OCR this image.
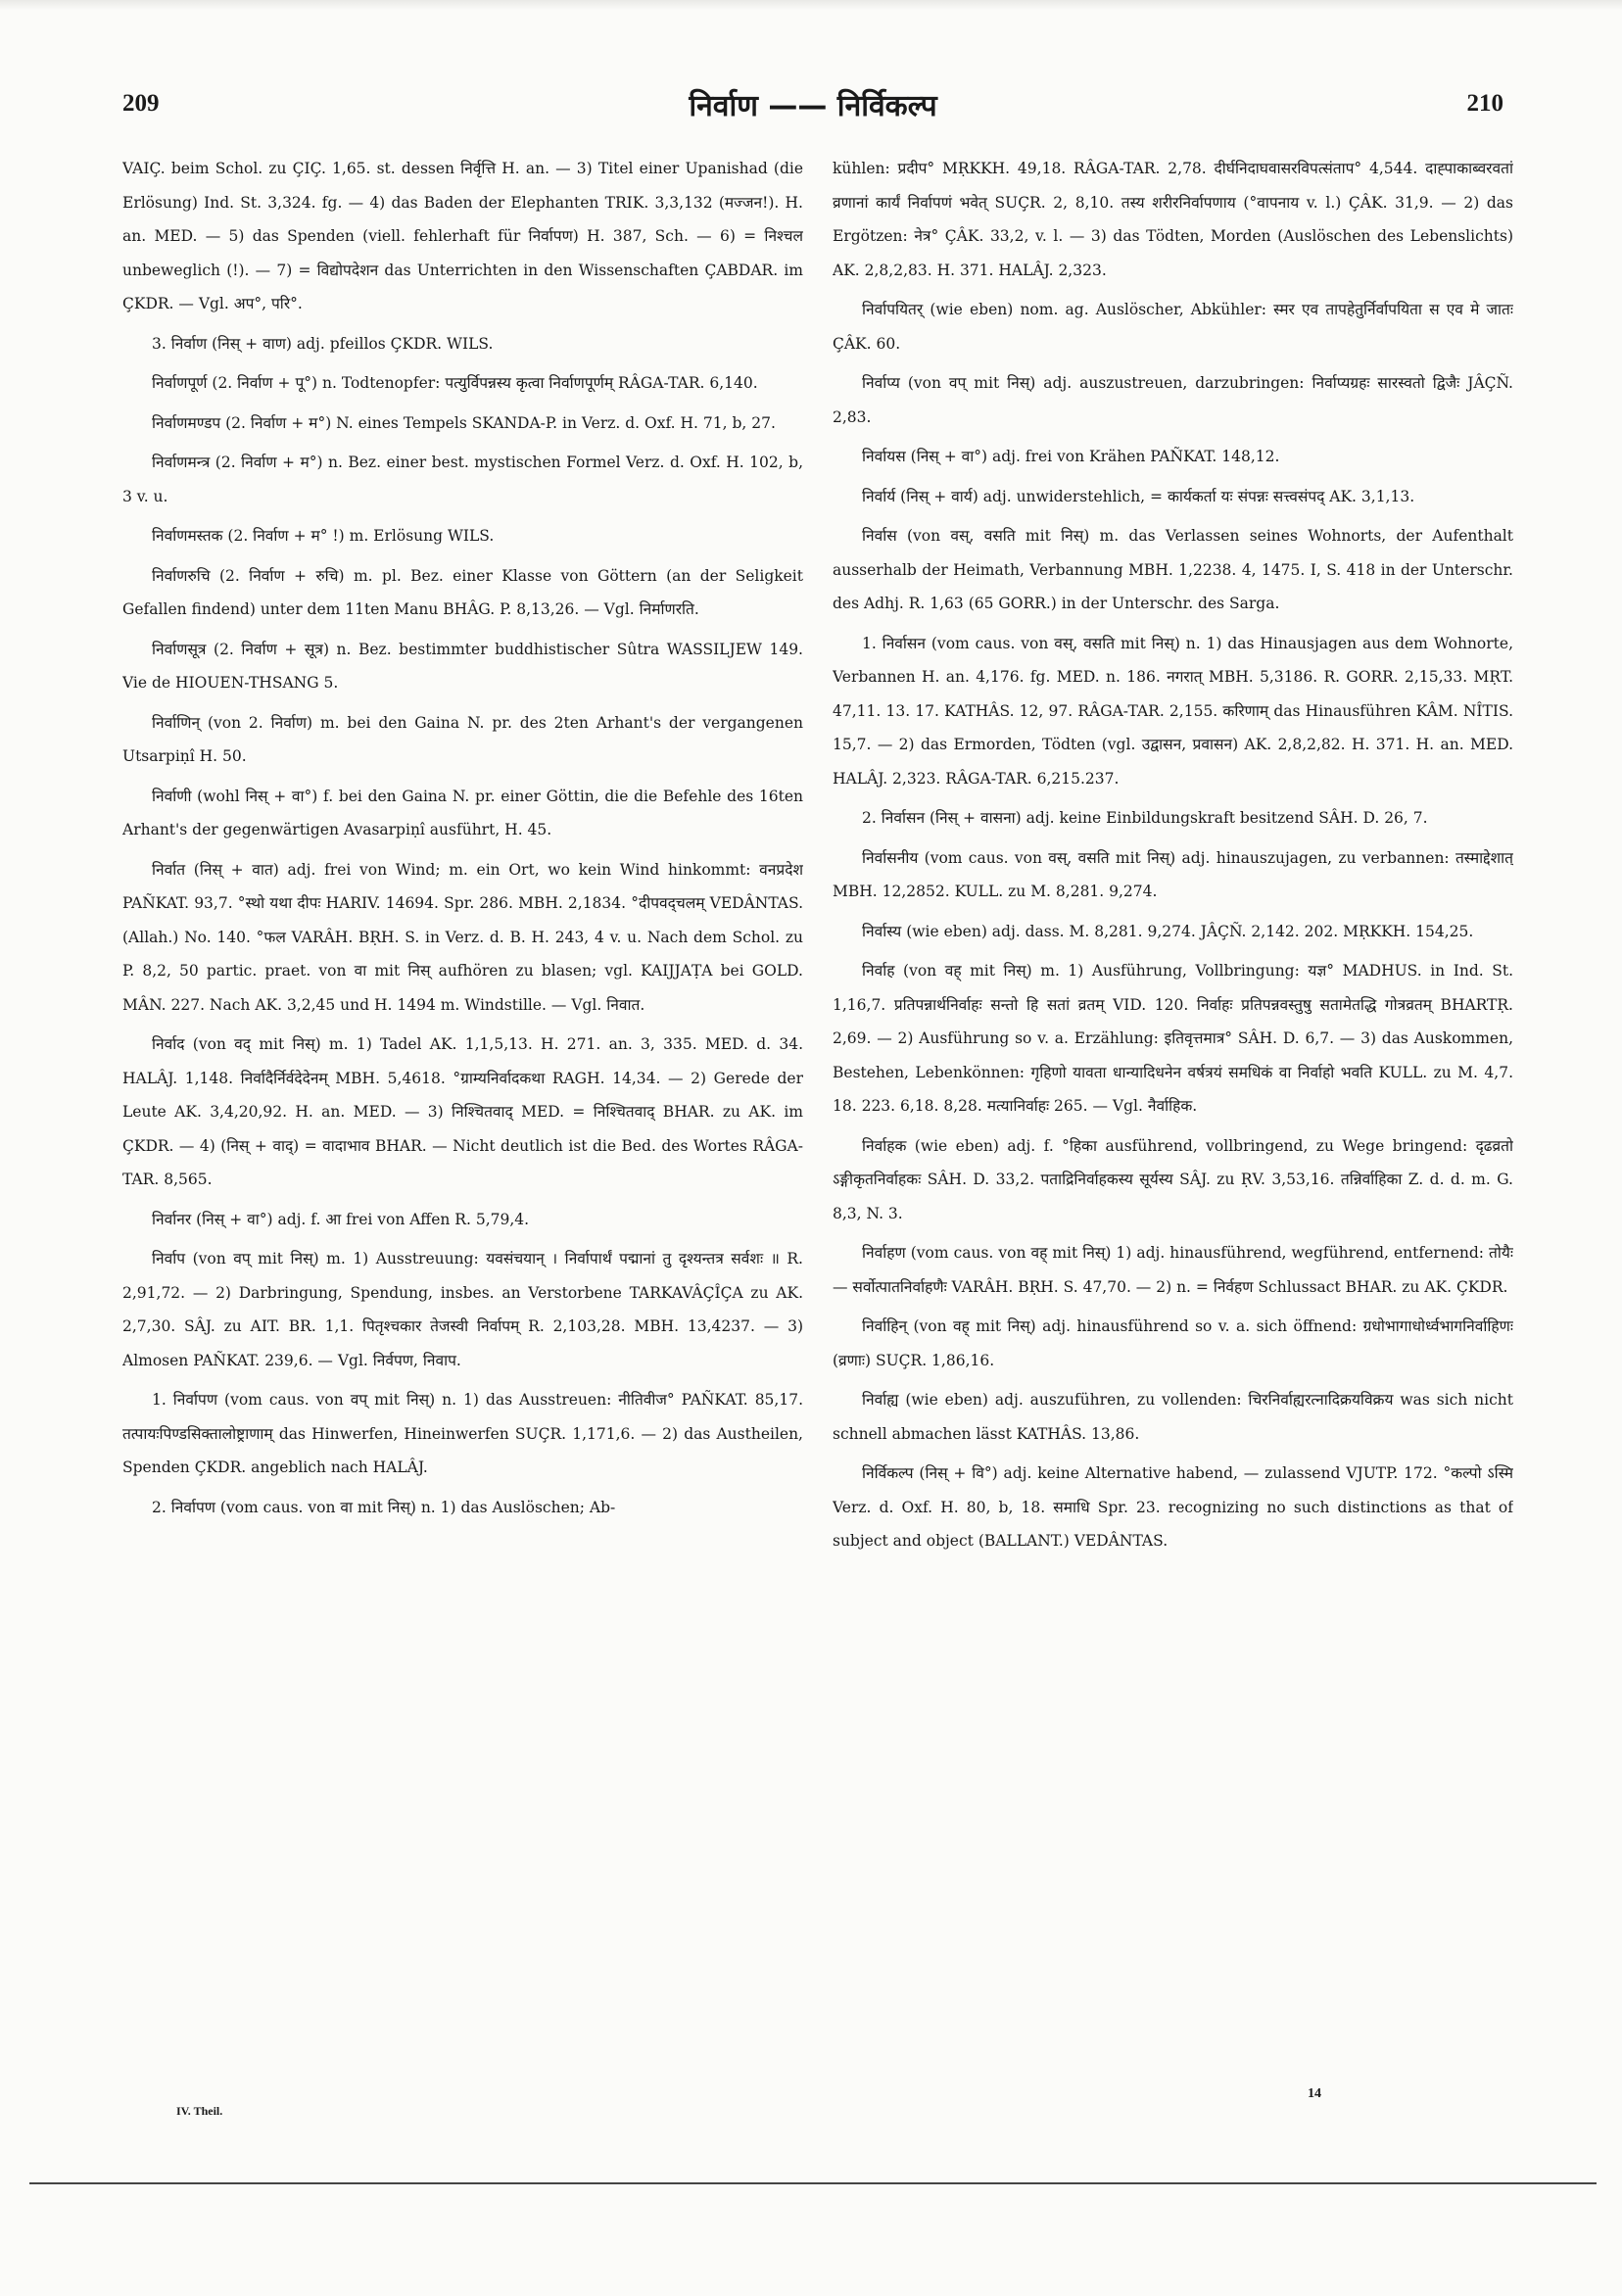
209	निर्वाण —— निर्विकल्प	210

VAIÇ. beim Schol. zu ÇIÇ. 1,65. st. dessen निर्वृत्ति H. an. — 3) Titel einer Upanishad (die Erlösung) Ind. St. 3,324. fg. — 4) das Baden der Elephanten TRIK. 3,3,132 (मज्जन!). H. an. MED. — 5) das Spenden (viell. fehlerhaft für निर्वापण) H. 387, Sch. — 6) = निश्चल unbeweglich (!). — 7) = विद्योपदेशन das Unterrichten in den Wissenschaften ÇABDAR. im ÇKDR. — Vgl. अप°, परि°.

3. निर्वाण (निस् + वाण) adj. pfeillos ÇKDR. WILS.

निर्वाणपूर्ण (2. निर्वाण + पू°) n. Todtenopfer: पत्युर्विपन्नस्य कृत्वा निर्वाणपूर्णम् RÂGA-TAR. 6,140.

निर्वाणमण्डप (2. निर्वाण + म°) N. eines Tempels SKANDA-P. in Verz. d. Oxf. H. 71, b, 27.

निर्वाणमन्त्र (2. निर्वाण + म°) n. Bez. einer best. mystischen Formel Verz. d. Oxf. H. 102, b, 3 v. u.

निर्वाणमस्तक (2. निर्वाण + म° !) m. Erlösung WILS.

निर्वाणरुचि (2. निर्वाण + रुचि) m. pl. Bez. einer Klasse von Göttern (an der Seligkeit Gefallen findend) unter dem 11ten Manu BHÂG. P. 8,13,26. — Vgl. निर्माणरति.

निर्वाणसूत्र (2. निर्वाण + सूत्र) n. Bez. bestimmter buddhistischer Sûtra WASSILJEW 149. Vie de HIOUEN-THSANG 5.

निर्वाणिन् (von 2. निर्वाण) m. bei den Gaina N. pr. des 2ten Arhant's der vergangenen Utsarpiṇî H. 50.

निर्वाणी (wohl निस् + वा°) f. bei den Gaina N. pr. einer Göttin, die die Befehle des 16ten Arhant's der gegenwärtigen Avasarpiṇî ausführt, H. 45.

निर्वात (निस् + वात) adj. frei von Wind; m. ein Ort, wo kein Wind hinkommt: वनप्रदेश PAÑKAT. 93,7. °स्थो यथा दीपः HARIV. 14694. Spr. 286. MBH. 2,1834. °दीपवद्चलम् VEDÂNTAS. (Allah.) No. 140. °फल VARÂH. BṚH. S. in Verz. d. B. H. 243, 4 v. u. Nach dem Schol. zu P. 8,2, 50 partic. praet. von वा mit निस् aufhören zu blasen; vgl. KAIJJAṬA bei GOLD. MÂN. 227. Nach AK. 3,2,45 und H. 1494 m. Windstille. — Vgl. निवात.

निर्वाद (von वद् mit निस्) m. 1) Tadel AK. 1,1,5,13. H. 271. an. 3, 335. MED. d. 34. HALÂJ. 1,148. निर्वादैर्निर्वदेदेनम् MBH. 5,4618. °ग्राम्यनिर्वादकथा RAGH. 14,34. — 2) Gerede der Leute AK. 3,4,20,92. H. an. MED. — 3) निश्चितवाद् MED. = निश्चितवाद् BHAR. zu AK. im ÇKDR. — 4) (निस् + वाद्) = वादाभाव BHAR. — Nicht deutlich ist die Bed. des Wortes RÂGA-TAR. 8,565.

निर्वानर (निस् + वा°) adj. f. आ frei von Affen R. 5,79,4.

निर्वाप (von वप् mit निस्) m. 1) Ausstreuung: यवसंचयान् । निर्वापार्थं पद्मानां तु दृश्यन्तत्र सर्वशः ॥ R. 2,91,72. — 2) Darbringung, Spendung, insbes. an Verstorbene TARKAVÂÇÎÇA zu AK. 2,7,30. SÂJ. zu AIT. BR. 1,1. पितृश्चकार तेजस्वी निर्वापम् R. 2,103,28. MBH. 13,4237. — 3) Almosen PAÑKAT. 239,6. — Vgl. निर्वपण, निवाप.

1. निर्वापण (vom caus. von वप् mit निस्) n. 1) das Ausstreuen: नीतिवीज° PAÑKAT. 85,17. तत्पायःपिण्डसिक्तालोष्ट्राणाम् das Hinwerfen, Hineinwerfen SUÇR. 1,171,6. — 2) das Austheilen, Spenden ÇKDR. angeblich nach HALÂJ.

2. निर्वापण (vom caus. von वा mit निस्) n. 1) das Auslöschen; Ab-

kühlen: प्रदीप° MṚKKH. 49,18. RÂGA-TAR. 2,78. दीर्घनिदाघवासरविपत्संताप° 4,544. दाह्पाकाब्वरवतां व्रणानां कार्यं निर्वापणं भवेत् SUÇR. 2, 8,10. तस्य शरीरनिर्वापणाय (°वापनाय v. l.) ÇÂK. 31,9. — 2) das Ergötzen: नेत्र° ÇÂK. 33,2, v. l. — 3) das Tödten, Morden (Auslöschen des Lebenslichts) AK. 2,8,2,83. H. 371. HALÂJ. 2,323.

निर्वापयितर् (wie eben) nom. ag. Auslöscher, Abkühler: स्मर एव तापहेतुर्निर्वापयिता स एव मे जातः ÇÂK. 60.

निर्वाप्य (von वप् mit निस्) adj. auszustreuen, darzubringen: निर्वाप्यग्रहः सारस्वतो द्विजैः JÂÇÑ. 2,83.

निर्वायस (निस् + वा°) adj. frei von Krähen PAÑKAT. 148,12.

निर्वार्य (निस् + वार्य) adj. unwiderstehlich, = कार्यकर्ता यः संपन्नः सत्त्वसंपद् AK. 3,1,13.

निर्वास (von वस्, वसति mit निस्) m. das Verlassen seines Wohnorts, der Aufenthalt ausserhalb der Heimath, Verbannung MBH. 1,2238. 4, 1475. I, S. 418 in der Unterschr. des Adhj. R. 1,63 (65 GORR.) in der Unterschr. des Sarga.

1. निर्वासन (vom caus. von वस्, वसति mit निस्) n. 1) das Hinausjagen aus dem Wohnorte, Verbannen H. an. 4,176. fg. MED. n. 186. नगरात् MBH. 5,3186. R. GORR. 2,15,33. MṚT. 47,11. 13. 17. KATHÂS. 12, 97. RÂGA-TAR. 2,155. करिणाम् das Hinausführen KÂM. NÎTIS. 15,7. — 2) das Ermorden, Tödten (vgl. उद्वासन, प्रवासन) AK. 2,8,2,82. H. 371. H. an. MED. HALÂJ. 2,323. RÂGA-TAR. 6,215.237.

2. निर्वासन (निस् + वासना) adj. keine Einbildungskraft besitzend SÂH. D. 26, 7.

निर्वासनीय (vom caus. von वस्, वसति mit निस्) adj. hinauszujagen, zu verbannen: तस्माद्देशात् MBH. 12,2852. KULL. zu M. 8,281. 9,274.

निर्वास्य (wie eben) adj. dass. M. 8,281. 9,274. JÂÇÑ. 2,142. 202. MṚKKH. 154,25.

निर्वाह (von वह् mit निस्) m. 1) Ausführung, Vollbringung: यज्ञ° MADHUS. in Ind. St. 1,16,7. प्रतिपन्नार्थनिर्वाहः सन्तो हि सतां व्रतम् VID. 120. निर्वाहः प्रतिपन्नवस्तुषु सतामेतद्धि गोत्रव्रतम् BHARTṚ. 2,69. — 2) Ausführung so v. a. Erzählung: इतिवृत्तमात्र° SÂH. D. 6,7. — 3) das Auskommen, Bestehen, Lebenkönnen: गृहिणो यावता धान्यादिधनेन वर्षत्रयं समधिकं वा निर्वाहो भवति KULL. zu M. 4,7. 18. 223. 6,18. 8,28. मत्यानिर्वाहः 265. — Vgl. नैर्वाहिक.

निर्वाहक (wie eben) adj. f. °हिका ausführend, vollbringend, zu Wege bringend: दृढव्रतो ऽङ्गीकृतनिर्वाहकः SÂH. D. 33,2. पताद्रिनिर्वाहकस्य सूर्यस्य SÂJ. zu ṚV. 3,53,16. तन्निर्वाहिका Z. d. d. m. G. 8,3, N. 3.

निर्वाहण (vom caus. von वह् mit निस्) 1) adj. hinausführend, wegführend, entfernend: तोयैः — सर्वोत्पातनिर्वाहणैः VARÂH. BṚH. S. 47,70. — 2) n. = निर्वहण Schlussact BHAR. zu AK. ÇKDR.

निर्वाहिन् (von वह् mit निस्) adj. hinausführend so v. a. sich öffnend: ग्रधोभागाधोर्ध्वभागनिर्वाहिणः (व्रणाः) SUÇR. 1,86,16.

निर्वाह्य (wie eben) adj. auszuführen, zu vollenden: चिरनिर्वाह्यरत्नादिक्रयविक्रय was sich nicht schnell abmachen lässt KATHÂS. 13,86.

निर्विकल्प (निस् + वि°) adj. keine Alternative habend, — zulassend VJUTP. 172. °कल्पो ऽस्मि Verz. d. Oxf. H. 80, b, 18. समाधि Spr. 23. recognizing no such distinctions as that of subject and object (BALLANT.) VEDÂNTAS.

IV. Theil.
14
